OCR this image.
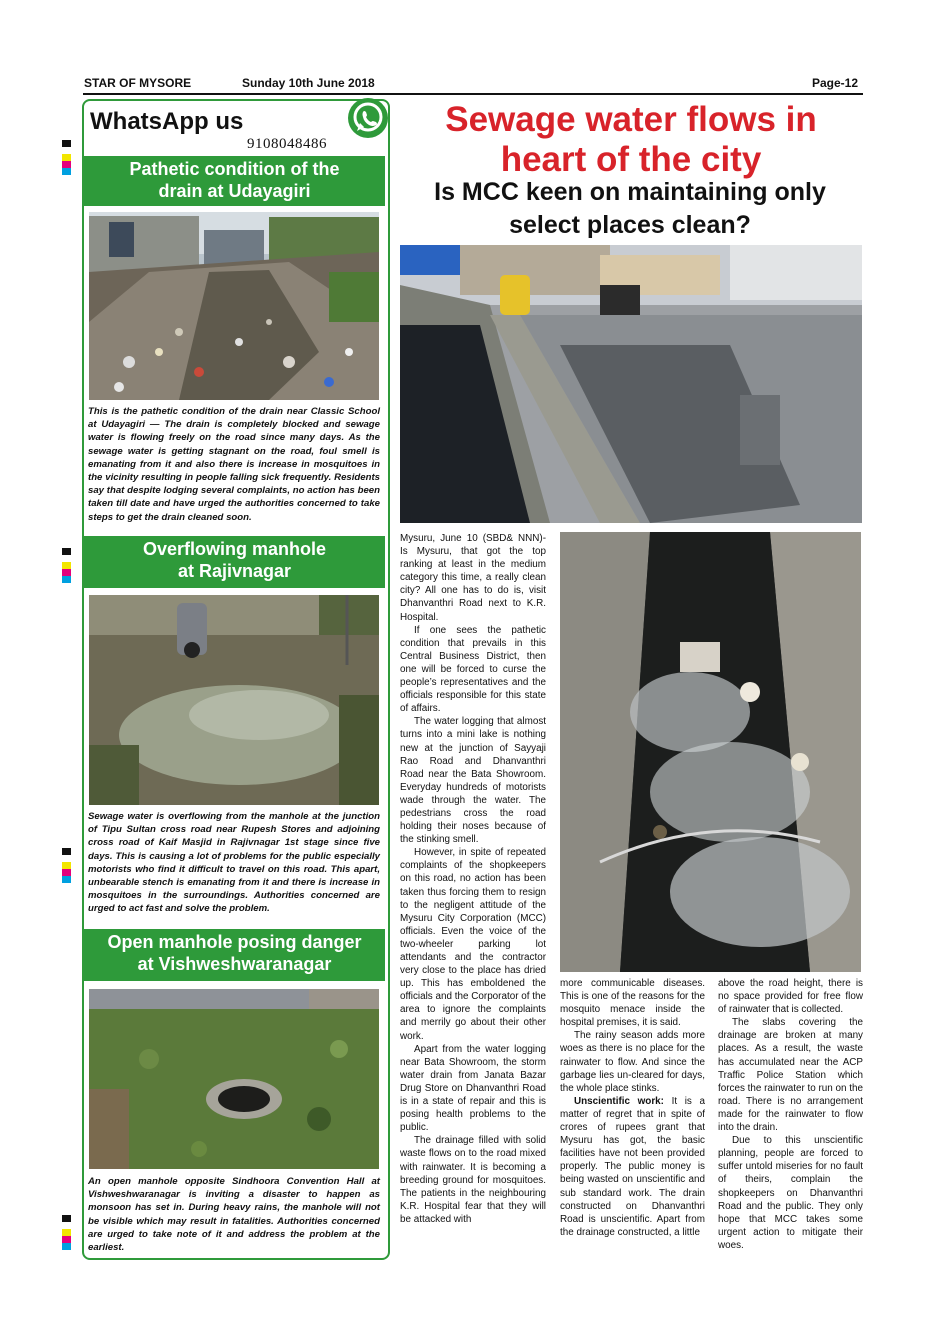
STAR OF MYSORE	Sunday 10th June 2018	Page-12
WhatsApp us
9108048486
Pathetic condition of the
drain at Udayagiri
This is the pathetic condition of the drain near Classic School at Udayagiri — The drain is completely blocked and sewage water is flowing freely on the road since many days. As the sewage water is getting stagnant on the road, foul smell is emanating from it and also there is increase in mosquitoes in the vicinity resulting in people falling sick frequently. Residents say that despite lodging several complaints, no action has been taken till date and have urged the authorities concerned to take steps to get the drain cleaned soon.
Overflowing manhole
at Rajivnagar
Sewage water is overflowing from the manhole at the junction of Tipu Sultan cross road near Rupesh Stores and adjoining cross road of Kaif Masjid in Rajivnagar 1st stage since five days. This is causing a lot of problems for the public especially motorists who find it difficult to travel on this road. This apart, unbearable stench is emanating from it and there is increase in mosquitoes in the surroundings. Authorities concerned are urged to act fast and solve the problem.
Open manhole posing danger
at Vishweshwaranagar
An open manhole opposite Sindhoora Convention Hall at Vishweshwaranagar is inviting a disaster to happen as monsoon has set in. During heavy rains, the manhole will not be visible which may result in fatalities. Authorities concerned are urged to take note of it and address the problem at the earliest.
Sewage water flows in
heart of the city
Is MCC keen on maintaining only
select places clean?

Mysuru, June 10 (SBD& NNN)- Is Mysuru, that got the top ranking at least in the medium category this time, a really clean city? All one has to do is, visit Dhanvanthri Road next to K.R. Hospital.

If one sees the pathetic condition that prevails in this Central Business District, then one will be forced to curse the people’s representatives and the officials responsible for this state of affairs.

The water logging that almost turns into a mini lake is nothing new at the junction of Sayyaji Rao Road and Dhanvanthri Road near the Bata Showroom. Everyday hundreds of motorists wade through the water. The pedestrians cross the road holding their noses because of the stinking smell.

However, in spite of repeated complaints of the shopkeepers on this road, no action has been taken thus forcing them to resign to the negligent attitude of the Mysuru City Corporation (MCC) officials. Even the voice of the two-wheeler parking lot attendants and the contractor very close to the place has dried up. This has emboldened the officials and the Corporator of the area to ignore the complaints and merrily go about their other work.

Apart from the water logging near Bata Showroom, the storm water drain from Janata Bazar Drug Store on Dhanvanthri Road is in a state of repair and this is posing health problems to the public.

The drainage filled with solid waste flows on to the road mixed with rainwater. It is becoming a breeding ground for mosquitoes. The patients in the neighbouring K.R. Hospital fear that they will be attacked with

more communicable diseases. This is one of the reasons for the mosquito menace inside the hospital premises, it is said.

The rainy season adds more woes as there is no place for the rainwater to flow. And since the garbage lies un-cleared for days, the whole place stinks.

Unscientific work: It is a matter of regret that in spite of crores of rupees grant that Mysuru has got, the basic facilities have not been provided properly. The public money is being wasted on unscientific and sub standard work. The drain constructed on Dhanvanthri Road is unscientific. Apart from the drainage constructed, a little

above the road height, there is no space provided for free flow of rainwater that is collected.

The slabs covering the drainage are broken at many places. As a result, the waste has accumulated near the ACP Traffic Police Station which forces the rainwater to run on the road. There is no arrangement made for the rainwater to flow into the drain.

Due to this unscientific planning, people are forced to suffer untold miseries for no fault of theirs, complain the shopkeepers on Dhanvanthri Road and the public. They only hope that MCC takes some urgent action to mitigate their woes.
